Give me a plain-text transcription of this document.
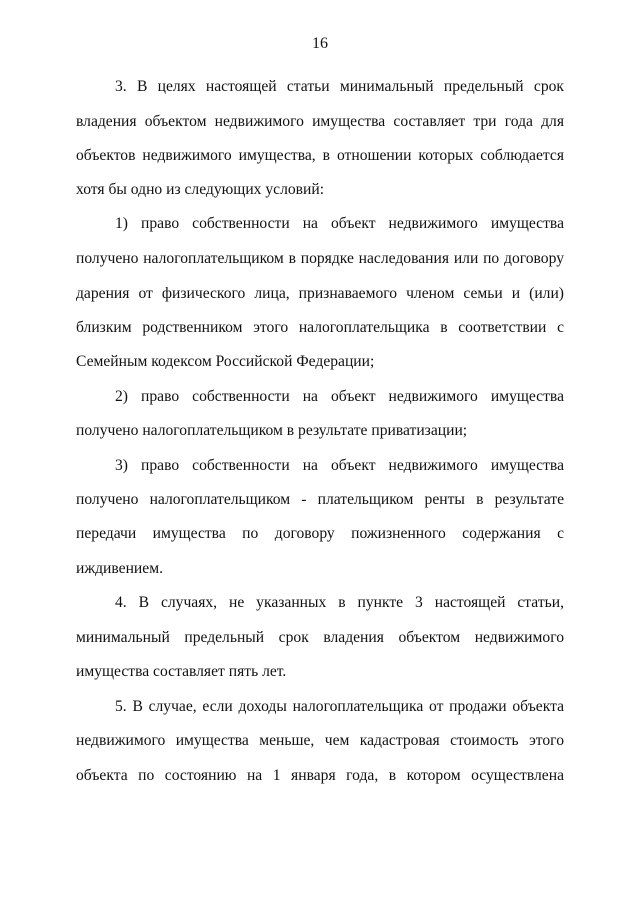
16
3. В целях настоящей статьи минимальный предельный срок
владения объектом недвижимого имущества составляет три года для
объектов недвижимого имущества, в отношении которых соблюдается
хотя бы одно из следующих условий:
1) право собственности на объект недвижимого имущества
получено налогоплательщиком в порядке наследования или по договору
дарения от физического лица, признаваемого членом семьи и (или)
близким родственником этого налогоплательщика в соответствии с
Семейным кодексом Российской Федерации;
2) право собственности на объект недвижимого имущества
получено налогоплательщиком в результате приватизации;
3) право собственности на объект недвижимого имущества
получено налогоплательщиком - плательщиком ренты в результате
передачи имущества по договору пожизненного содержания с
иждивением.
4. В случаях, не указанных в пункте 3 настоящей статьи,
минимальный предельный срок владения объектом недвижимого
имущества составляет пять лет.
5. В случае, если доходы налогоплательщика от продажи объекта
недвижимого имущества меньше, чем кадастровая стоимость этого
объекта по состоянию на 1 января года, в котором осуществлена
